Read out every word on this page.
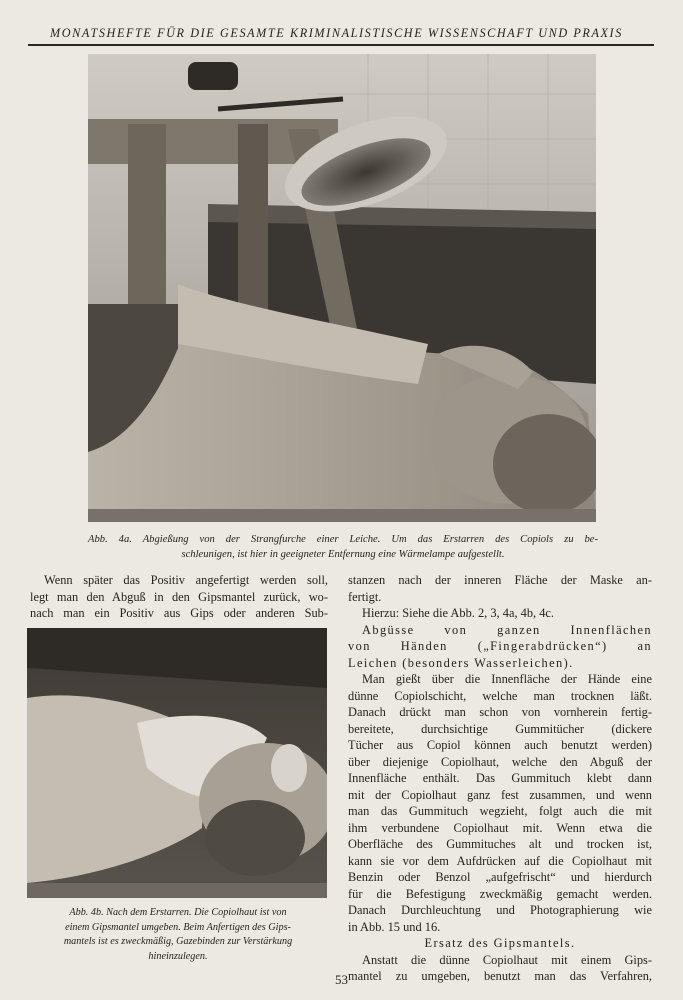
MONATSHEFTE FÜR DIE GESAMTE KRIMINALISTISCHE WISSENSCHAFT UND PRAXIS
Abb. 4a. Abgießung von der Strangfurche einer Leiche. Um das Erstarren des Copiols zu be-
schleunigen, ist hier in geeigneter Entfernung eine Wärmelampe aufgestellt.
Wenn später das Positiv angefertigt werden soll,
legt man den Abguß in den Gipsmantel zurück, wo-
nach man ein Positiv aus Gips oder anderen Sub-
Abb. 4b. Nach dem Erstarren. Die Copiolhaut ist von
einem Gipsmantel umgeben. Beim Anfertigen des Gips-
mantels ist es zweckmäßig, Gazebinden zur Verstärkung
hineinzulegen.
stanzen nach der inneren Fläche der Maske an-
fertigt.
Hierzu: Siehe die Abb. 2, 3, 4a, 4b, 4c.
Abgüsse von ganzen Innenflächen
von Händen („Fingerabdrücken“) an
Leichen (besonders Wasserleichen).
Man gießt über die Innenfläche der Hände eine
dünne Copiolschicht, welche man trocknen läßt.
Danach drückt man schon von vornherein fertig-
bereitete, durchsichtige Gummitücher (dickere
Tücher aus Copiol können auch benutzt werden)
über diejenige Copiolhaut, welche den Abguß der
Innenfläche enthält. Das Gummituch klebt dann
mit der Copiolhaut ganz fest zusammen, und wenn
man das Gummituch wegzieht, folgt auch die mit
ihm verbundene Copiolhaut mit. Wenn etwa die
Oberfläche des Gummituches alt und trocken ist,
kann sie vor dem Aufdrücken auf die Copiolhaut mit
Benzin oder Benzol „aufgefrischt“ und hierdurch
für die Befestigung zweckmäßig gemacht werden.
Danach Durchleuchtung und Photographierung wie
in Abb. 15 und 16.
Ersatz des Gipsmantels.
Anstatt die dünne Copiolhaut mit einem Gips-
mantel zu umgeben, benutzt man das Verfahren,
53
